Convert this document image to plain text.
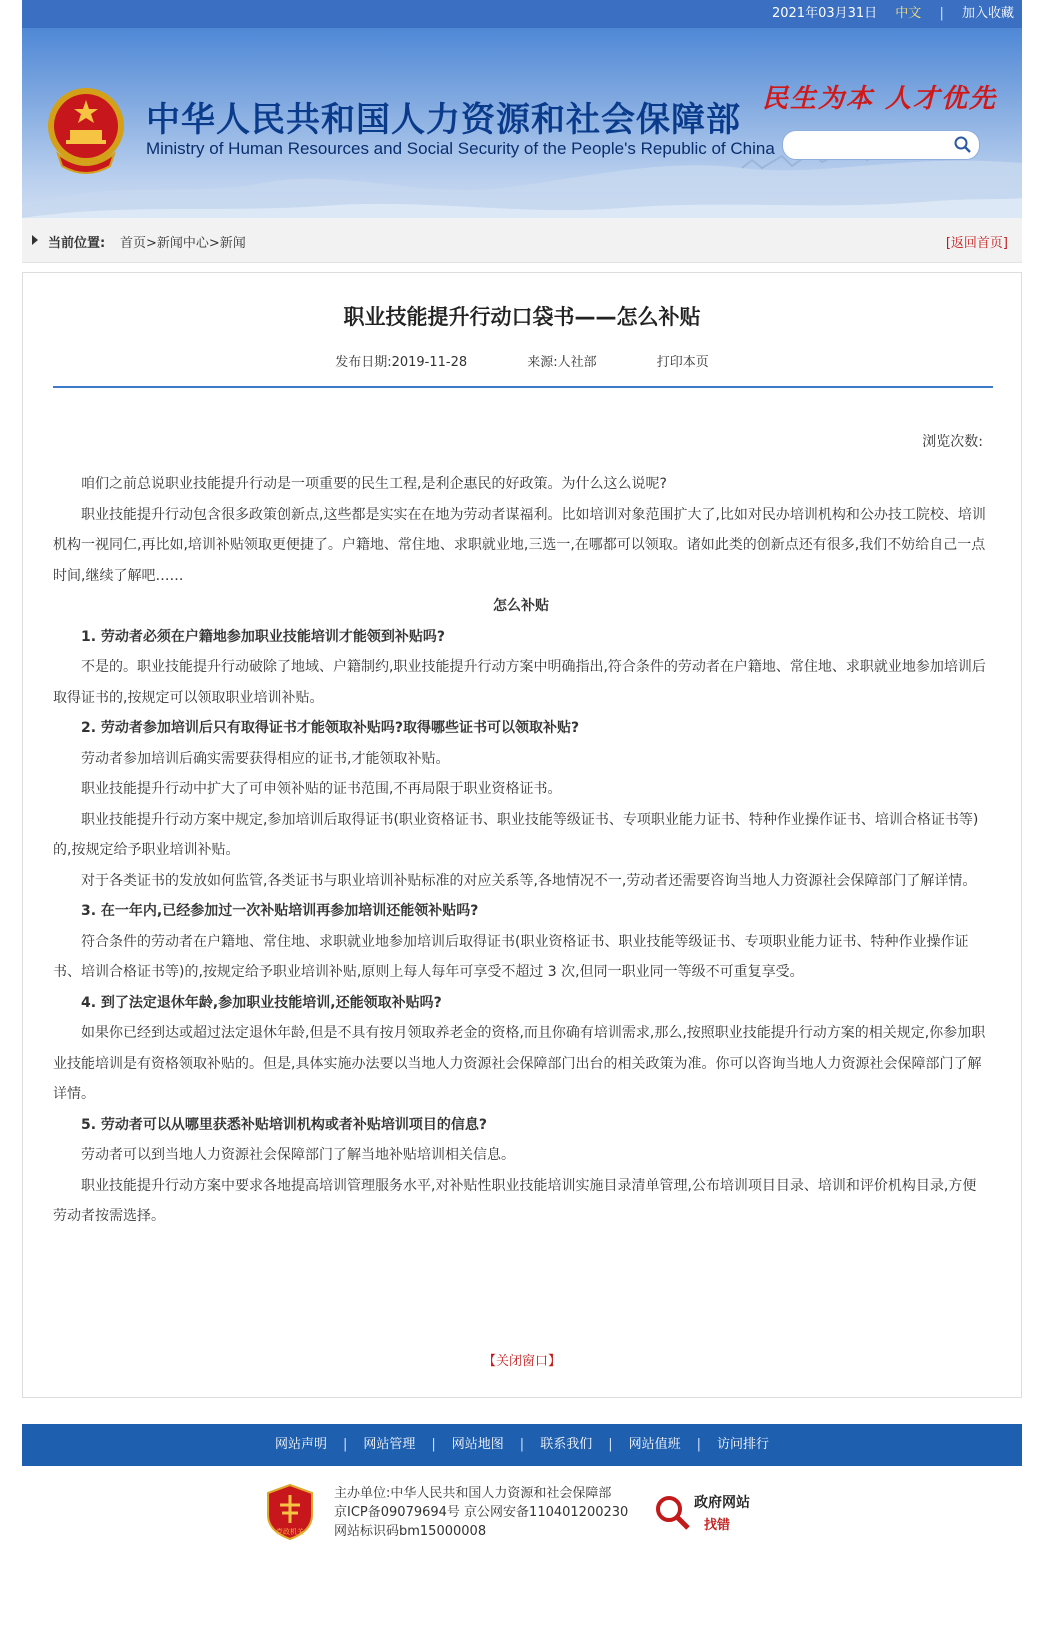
2021年03月31日 中文 | 加入收藏
中华人民共和国人力资源和社会保障部
Ministry of Human Resources and Social Security of the People's Republic of China
民生为本 人才优先
当前位置: 首页>新闻中心>新闻	[返回首页]
职业技能提升行动口袋书——怎么补贴
发布日期:2019-11-28	来源:人社部	打印本页
浏览次数:

咱们之前总说职业技能提升行动是一项重要的民生工程,是利企惠民的好政策。为什么这么说呢?

职业技能提升行动包含很多政策创新点,这些都是实实在在地为劳动者谋福利。比如培训对象范围扩大了,比如对民办培训机构和公办技工院校、培训机构一视同仁,再比如,培训补贴领取更便捷了。户籍地、常住地、求职就业地,三选一,在哪都可以领取。诸如此类的创新点还有很多,我们不妨给自己一点时间,继续了解吧……

怎么补贴

1. 劳动者必须在户籍地参加职业技能培训才能领到补贴吗?

不是的。职业技能提升行动破除了地域、户籍制约,职业技能提升行动方案中明确指出,符合条件的劳动者在户籍地、常住地、求职就业地参加培训后取得证书的,按规定可以领取职业培训补贴。

2. 劳动者参加培训后只有取得证书才能领取补贴吗?取得哪些证书可以领取补贴?

劳动者参加培训后确实需要获得相应的证书,才能领取补贴。

职业技能提升行动中扩大了可申领补贴的证书范围,不再局限于职业资格证书。

职业技能提升行动方案中规定,参加培训后取得证书(职业资格证书、职业技能等级证书、专项职业能力证书、特种作业操作证书、培训合格证书等)的,按规定给予职业培训补贴。

对于各类证书的发放如何监管,各类证书与职业培训补贴标准的对应关系等,各地情况不一,劳动者还需要咨询当地人力资源社会保障部门了解详情。

3. 在一年内,已经参加过一次补贴培训再参加培训还能领补贴吗?

符合条件的劳动者在户籍地、常住地、求职就业地参加培训后取得证书(职业资格证书、职业技能等级证书、专项职业能力证书、特种作业操作证书、培训合格证书等)的,按规定给予职业培训补贴,原则上每人每年可享受不超过 3 次,但同一职业同一等级不可重复享受。

4. 到了法定退休年龄,参加职业技能培训,还能领取补贴吗?

如果你已经到达或超过法定退休年龄,但是不具有按月领取养老金的资格,而且你确有培训需求,那么,按照职业技能提升行动方案的相关规定,你参加职业技能培训是有资格领取补贴的。但是,具体实施办法要以当地人力资源社会保障部门出台的相关政策为准。你可以咨询当地人力资源社会保障部门了解详情。

5. 劳动者可以从哪里获悉补贴培训机构或者补贴培训项目的信息?

劳动者可以到当地人力资源社会保障部门了解当地补贴培训相关信息。

职业技能提升行动方案中要求各地提高培训管理服务水平,对补贴性职业技能培训实施目录清单管理,公布培训项目目录、培训和评价机构目录,方便劳动者按需选择。

【关闭窗口】
网站声明 | 网站管理 | 网站地图 | 联系我们 | 网站值班 | 访问排行
党政机关
主办单位:中华人民共和国人力资源和社会保障部
京ICP备09079694号 京公网安备110401200230
网站标识码bm15000008
政府网站
找错
